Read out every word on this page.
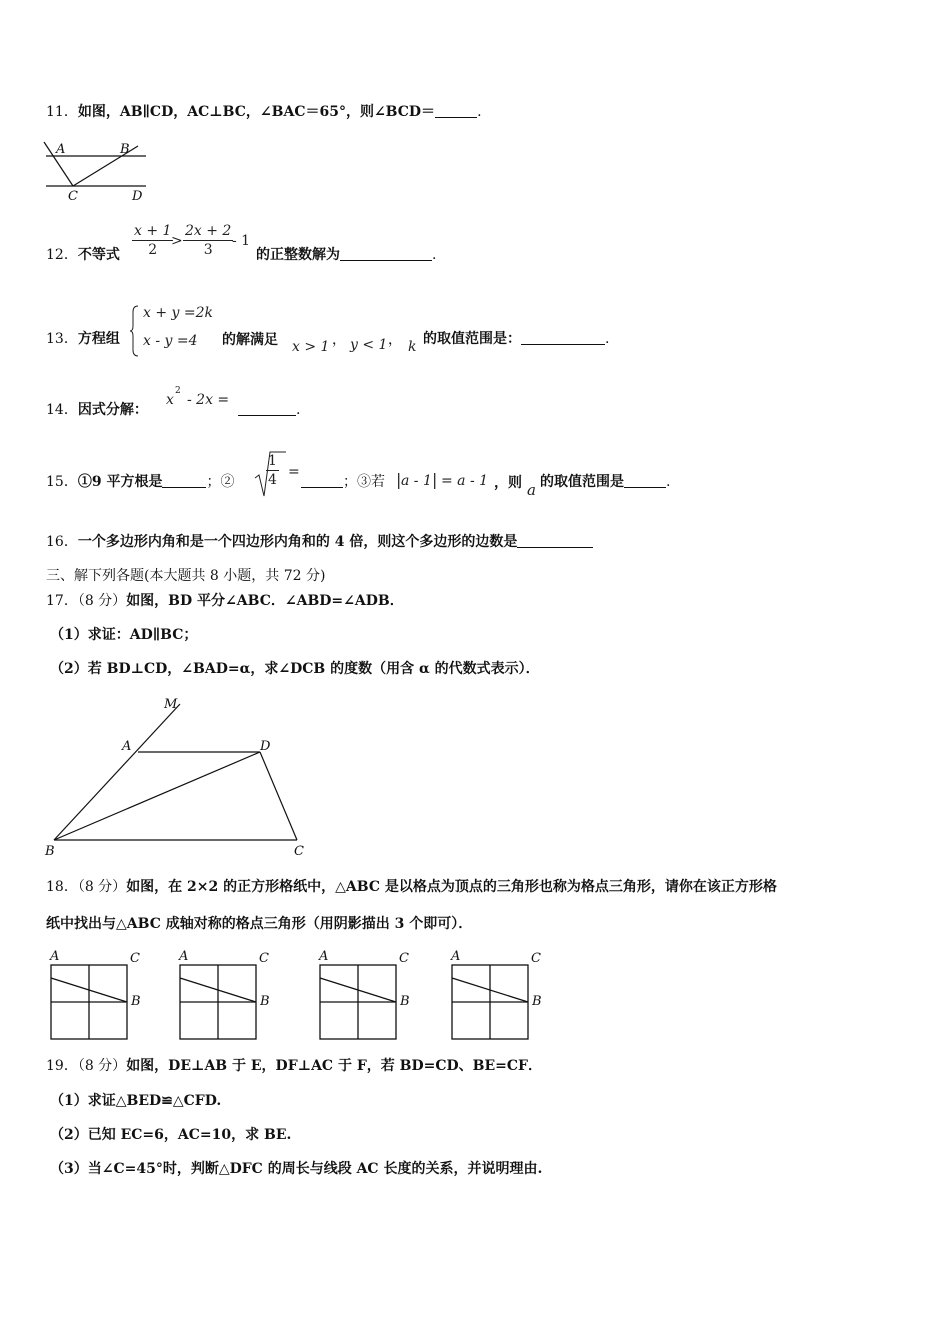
11．如图，AB∥CD，AC⊥BC，∠BAC＝65°，则∠BCD＝	.
A	B
C	D
12．不等式 $\frac{x + 1}{2}$
> $\frac{2x + 2}{3}$
- 1
的正整数解为	.
13．方程组
x + y =2k
x - y =4 的解满足 x > 1 ， y < 1 ， k 的取值范围是：	.
14．因式分解：
x
2
- 2x =
.
15．①9 平方根是	；② $\frac{1}{4}$ =
；③若 | a - 1 | = a - 1 ，则 a 的取值范围是	.
16．一个多边形内角和是一个四边形内角和的 4 倍，则这个多边形的边数是
三、解下列各题(本大题共 8 小题，共 72 分)
17．（8 分）如图，BD 平分∠ABC．∠ABD=∠ADB．
（1）求证：AD∥BC；
（2）若 BD⊥CD，∠BAD=α，求∠DCB 的度数（用含 α 的代数式表示）．
M
A	D
B	C
18．（8 分）如图，在 2×2 的正方形格纸中，△ABC 是以格点为顶点的三角形也称为格点三角形，请你在该正方形格
纸中找出与△ABC 成轴对称的格点三角形（用阴影描出 3 个即可）．
A	C
B
A	C
B
A	C
B
A	C
B
19．（8 分）如图，DE⊥AB 于 E，DF⊥AC 于 F，若 BD=CD、BE=CF．
（1）求证△BED≌△CFD.
（2）已知 EC=6，AC=10，求 BE.
（3）当∠C=45°时，判断△DFC 的周长与线段 AC 长度的关系，并说明理由.
